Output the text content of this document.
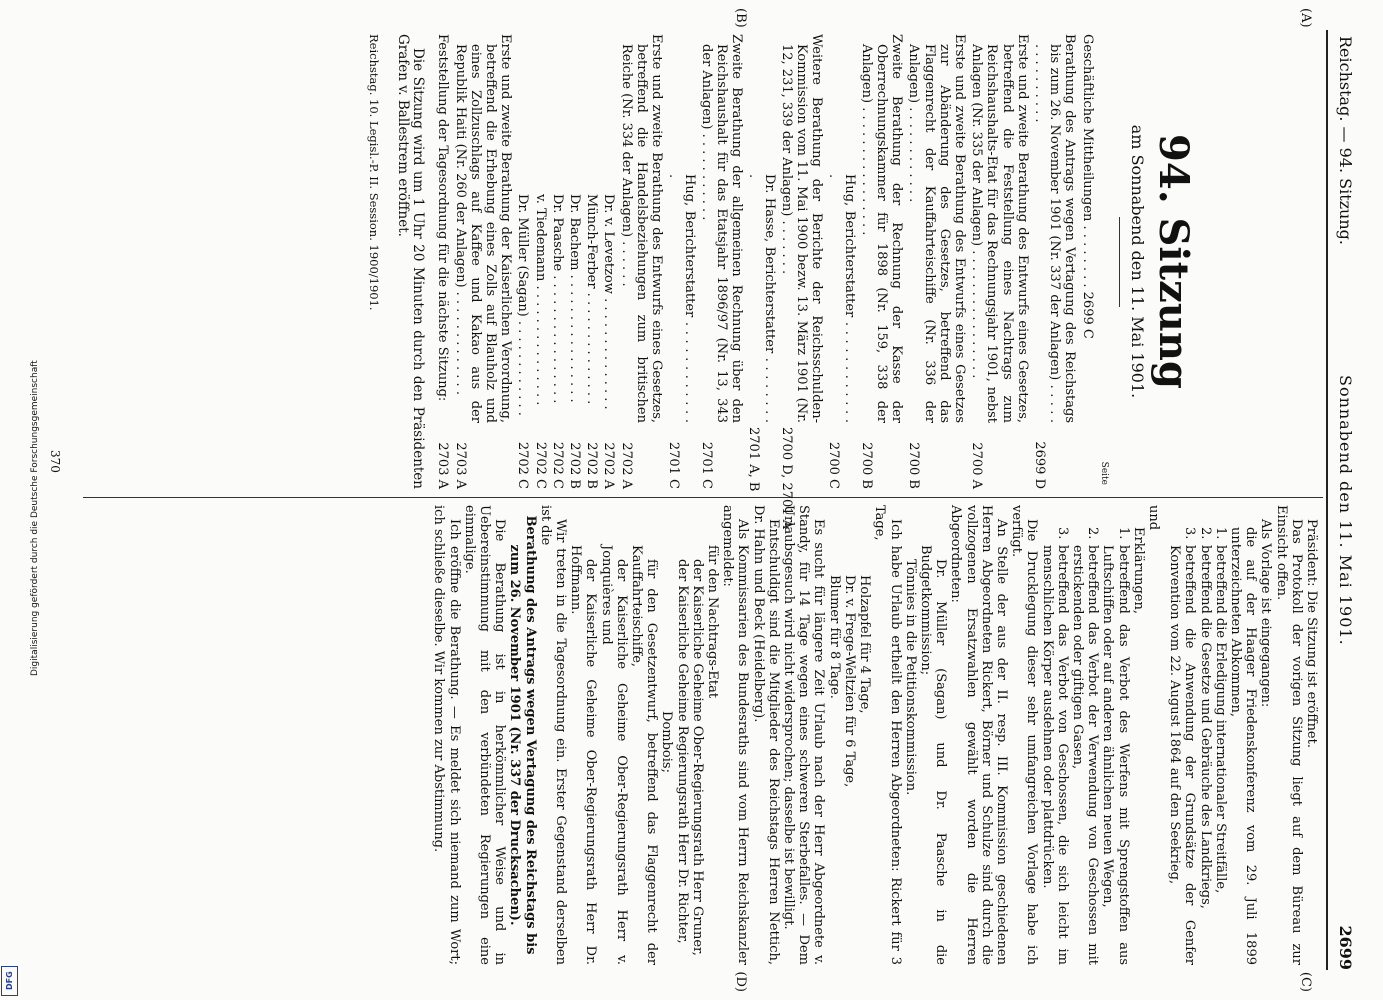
Reichstag. — 94. Sitzung.
Sonnabend den 11. Mai 1901.
2699
(A)
(B)
(C)
(D)
94. Sitzung
am Sonnabend den 11. Mai 1901.
Seite
Geschäftliche Mittheilungen . . . . . . . . 2699 C
Berathung des Antrags wegen Vertagung des Reichstags bis zum 26. November 1901 (Nr. 337 der Anlagen) . . . . . . . . . . . . . . .
2699 D
Erste und zweite Berathung des Entwurfs eines Gesetzes, betreffend die Feststellung eines Nachtrags zum Reichshaushalts-Etat für das Rechnungsjahr 1901, nebst Anlagen (Nr. 335 der Anlagen) . . . . . . . . . . . . . . . .
2700 A
Erste und zweite Berathung des Entwurfs eines Gesetzes zur Abänderung des Gesetzes, betreffend das Flaggenrecht der Kauffahrteischiffe (Nr. 336 der Anlagen) . . . . . . . . . . . .
2700 B
Zweite Berathung der Rechnung der Kasse der Oberrechnungskammer für 1898 (Nr. 159, 338 der Anlagen) . . . . . . . . . . . . . . . .
2700 B
Hug, Berichterstatter . . . . . . . . . . . . .
2700 C
Weitere Berathung der Berichte der Reichsschulden-Kommission vom 11. Mai 1900 bezw. 13. März 1901 (Nr. 12, 231, 339 der Anlagen) . . . . . . .
2700 D, 2701 A
Dr. Hasse, Berichterstatter . . . . . . . . .
2701 A, B
Zweite Berathung der allgemeinen Rechnung über den Reichshaushalt für das Etatsjahr 1896/97 (Nr. 13, 343 der Anlagen) . . . . . . . . . . .
2701 C
Hug, Berichterstatter . . . . . . . . . . . . .
2701 C
Erste und zweite Berathung des Entwurfs eines Gesetzes, betreffend die Handelsbeziehungen zum britischen Reiche (Nr. 334 der Anlagen) . . . . . .
2702 A
Dr. v. Levetzow . . . . . . . . . . . . . .
2702 A
Münch-Ferber . . . . . . . . . . . . . .
2702 B
Dr. Bachem . . . . . . . . . . . . . . . .
2702 B
Dr. Paasche . . . . . . . . . . . . . . . .
2702 C
v. Tiedemann . . . . . . . . . . . . . . .
2702 C
Dr. Müller (Sagan) . . . . . . . . . . . .
2702 C
Erste und zweite Berathung der Kaiserlichen Verordnung, betreffend die Erhebung eines Zolls auf Blauholz und eines Zollzuschlags auf Kaffee und Kakao aus der Republik Haiti (Nr. 260 der Anlagen) . . . . . . . . . . . . .
2703 A
Feststellung der Tagesordnung für die nächste Sitzung:
2703 A

Die Sitzung wird um 1 Uhr 20 Minuten durch den Präsidenten Grafen v. Ballestrem eröffnet.

Reichstag. 10. Legisl.-P. II. Session. 1900/1901.

Präsident: Die Sitzung ist eröffnet.

Das Protokoll der vorigen Sitzung liegt auf dem Büreau zur Einsicht offen.

Als Vorlage ist eingegangen:

die auf der Haager Friedenskonferenz vom 29. Juli 1899 unterzeichneten Abkommen,

1.
betreffend die Erledigung internationaler Streitfälle,
2.
betreffend die Gesetze und Gebräuche des Landkriegs,
3.
betreffend die Anwendung der Grundsätze der Genfer Konvention vom 22. August 1864 auf den Seekrieg,
und

Erklärungen,

1.
betreffend das Verbot des Werfens mit Sprengstoffen aus Luftschiffen oder auf anderen ähnlichen neuen Wegen,
2.
betreffend das Verbot der Verwendung von Geschossen mit erstickenden oder giftigen Gasen,
3.
betreffend das Verbot von Geschossen, die sich leicht im menschlichen Körper ausdehnen oder plattdrücken.

Die Drucklegung dieser sehr umfangreichen Vorlage habe ich verfügt.

An Stelle der aus der II. resp. III. Kommission geschiedenen Herren Abgeordneten Rickert, Börner und Schulze sind durch die vollzogenen Ersatzwahlen gewählt worden die Herren Abgeordneten:

Dr. Müller (Sagan) und Dr. Paasche in die Budgetkommission;

Tönnies in die Petitionskommission.

Ich habe Urlaub ertheilt den Herren Abgeordneten: Rickert für 3 Tage,

Holzapfel für 4 Tage,

Dr. v. Frege-Weltzien für 6 Tage,

Blumer für 8 Tage.

Es sucht für längere Zeit Urlaub nach der Herr Abgeordnete v. Standy, für 14 Tage wegen eines schweren Sterbefalles. — Dem Urlaubsgesuch wird nicht widersprochen; dasselbe ist bewilligt.

Entschuldigt sind die Mitglieder des Reichstags Herren Nettich, Dr. Hahn und Beck (Heidelberg).

Als Kommissarien des Bundesraths sind vom Herrn Reichskanzler angemeldet:

für den Nachtrags-Etat

der Kaiserliche Geheime Ober-Regierungsrath Herr Gruner,

der Kaiserliche Geheime Regierungsrath Herr Dr. Richter,

Dombois;

für den Gesetzentwurf, betreffend das Flaggenrecht der Kauffahrteischiffe,

der Kaiserliche Geheime Ober-Regierungsrath Herr v. Jonquières und

der Kaiserliche Geheime Ober-Regierungsrath Herr Dr. Hoffmann.

Wir treten in die Tagesordnung ein. Erster Gegenstand derselben ist die

Berathung des Antrags wegen Vertagung des Reichstags bis zum 26. November 1901 (Nr. 337 der Drucksachen).

Die Berathung ist in herkömmlicher Weise und in Uebereinstimmung mit den verbündeten Regierungen eine einmalige.

Ich eröffne die Berathung. — Es meldet sich niemand zum Wort; ich schließe dieselbe. Wir kommen zur Abstimmung.

370
Digitalisierung gefördert durch die Deutsche Forschungsgemeinschaft
DFG
